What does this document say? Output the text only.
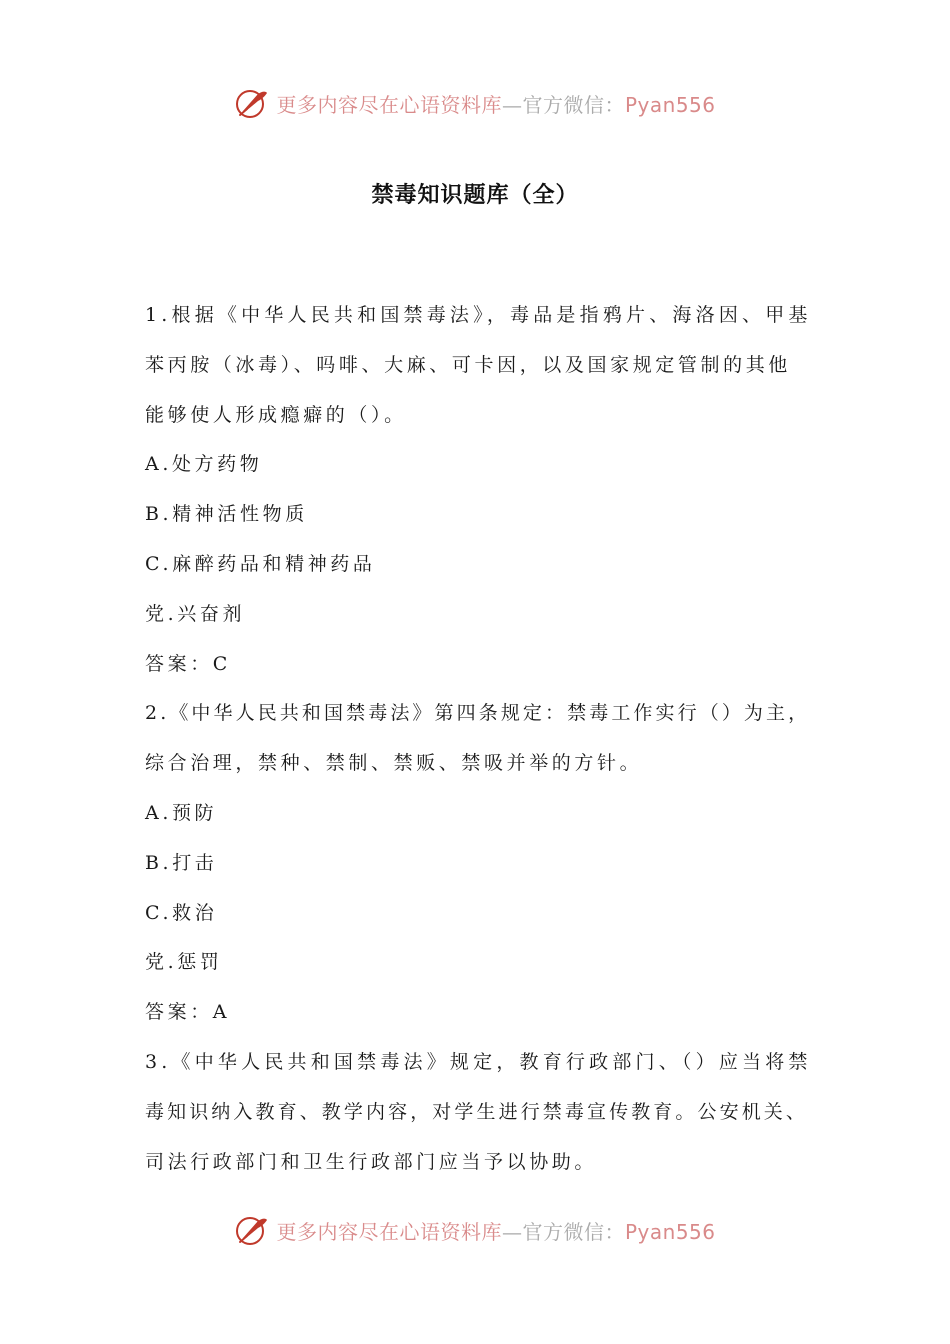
更多内容尽在心语资料库—官方微信：Pyan556
禁毒知识题库（全）

1.根据《中华人民共和国禁毒法》，毒品是指鸦片、海洛因、甲基

苯丙胺（冰毒）、吗啡、大麻、可卡因，以及国家规定管制的其他

能够使人形成瘾癖的（）。

A.处方药物

B.精神活性物质

C.麻醉药品和精神药品

党.兴奋剂

答案：C

2.《中华人民共和国禁毒法》第四条规定：禁毒工作实行（）为主，

综合治理，禁种、禁制、禁贩、禁吸并举的方针。

A.预防

B.打击

C.救治

党.惩罚

答案：A

3.《中华人民共和国禁毒法》规定，教育行政部门、（）应当将禁

毒知识纳入教育、教学内容，对学生进行禁毒宣传教育。公安机关、

司法行政部门和卫生行政部门应当予以协助。

更多内容尽在心语资料库—官方微信：Pyan556
